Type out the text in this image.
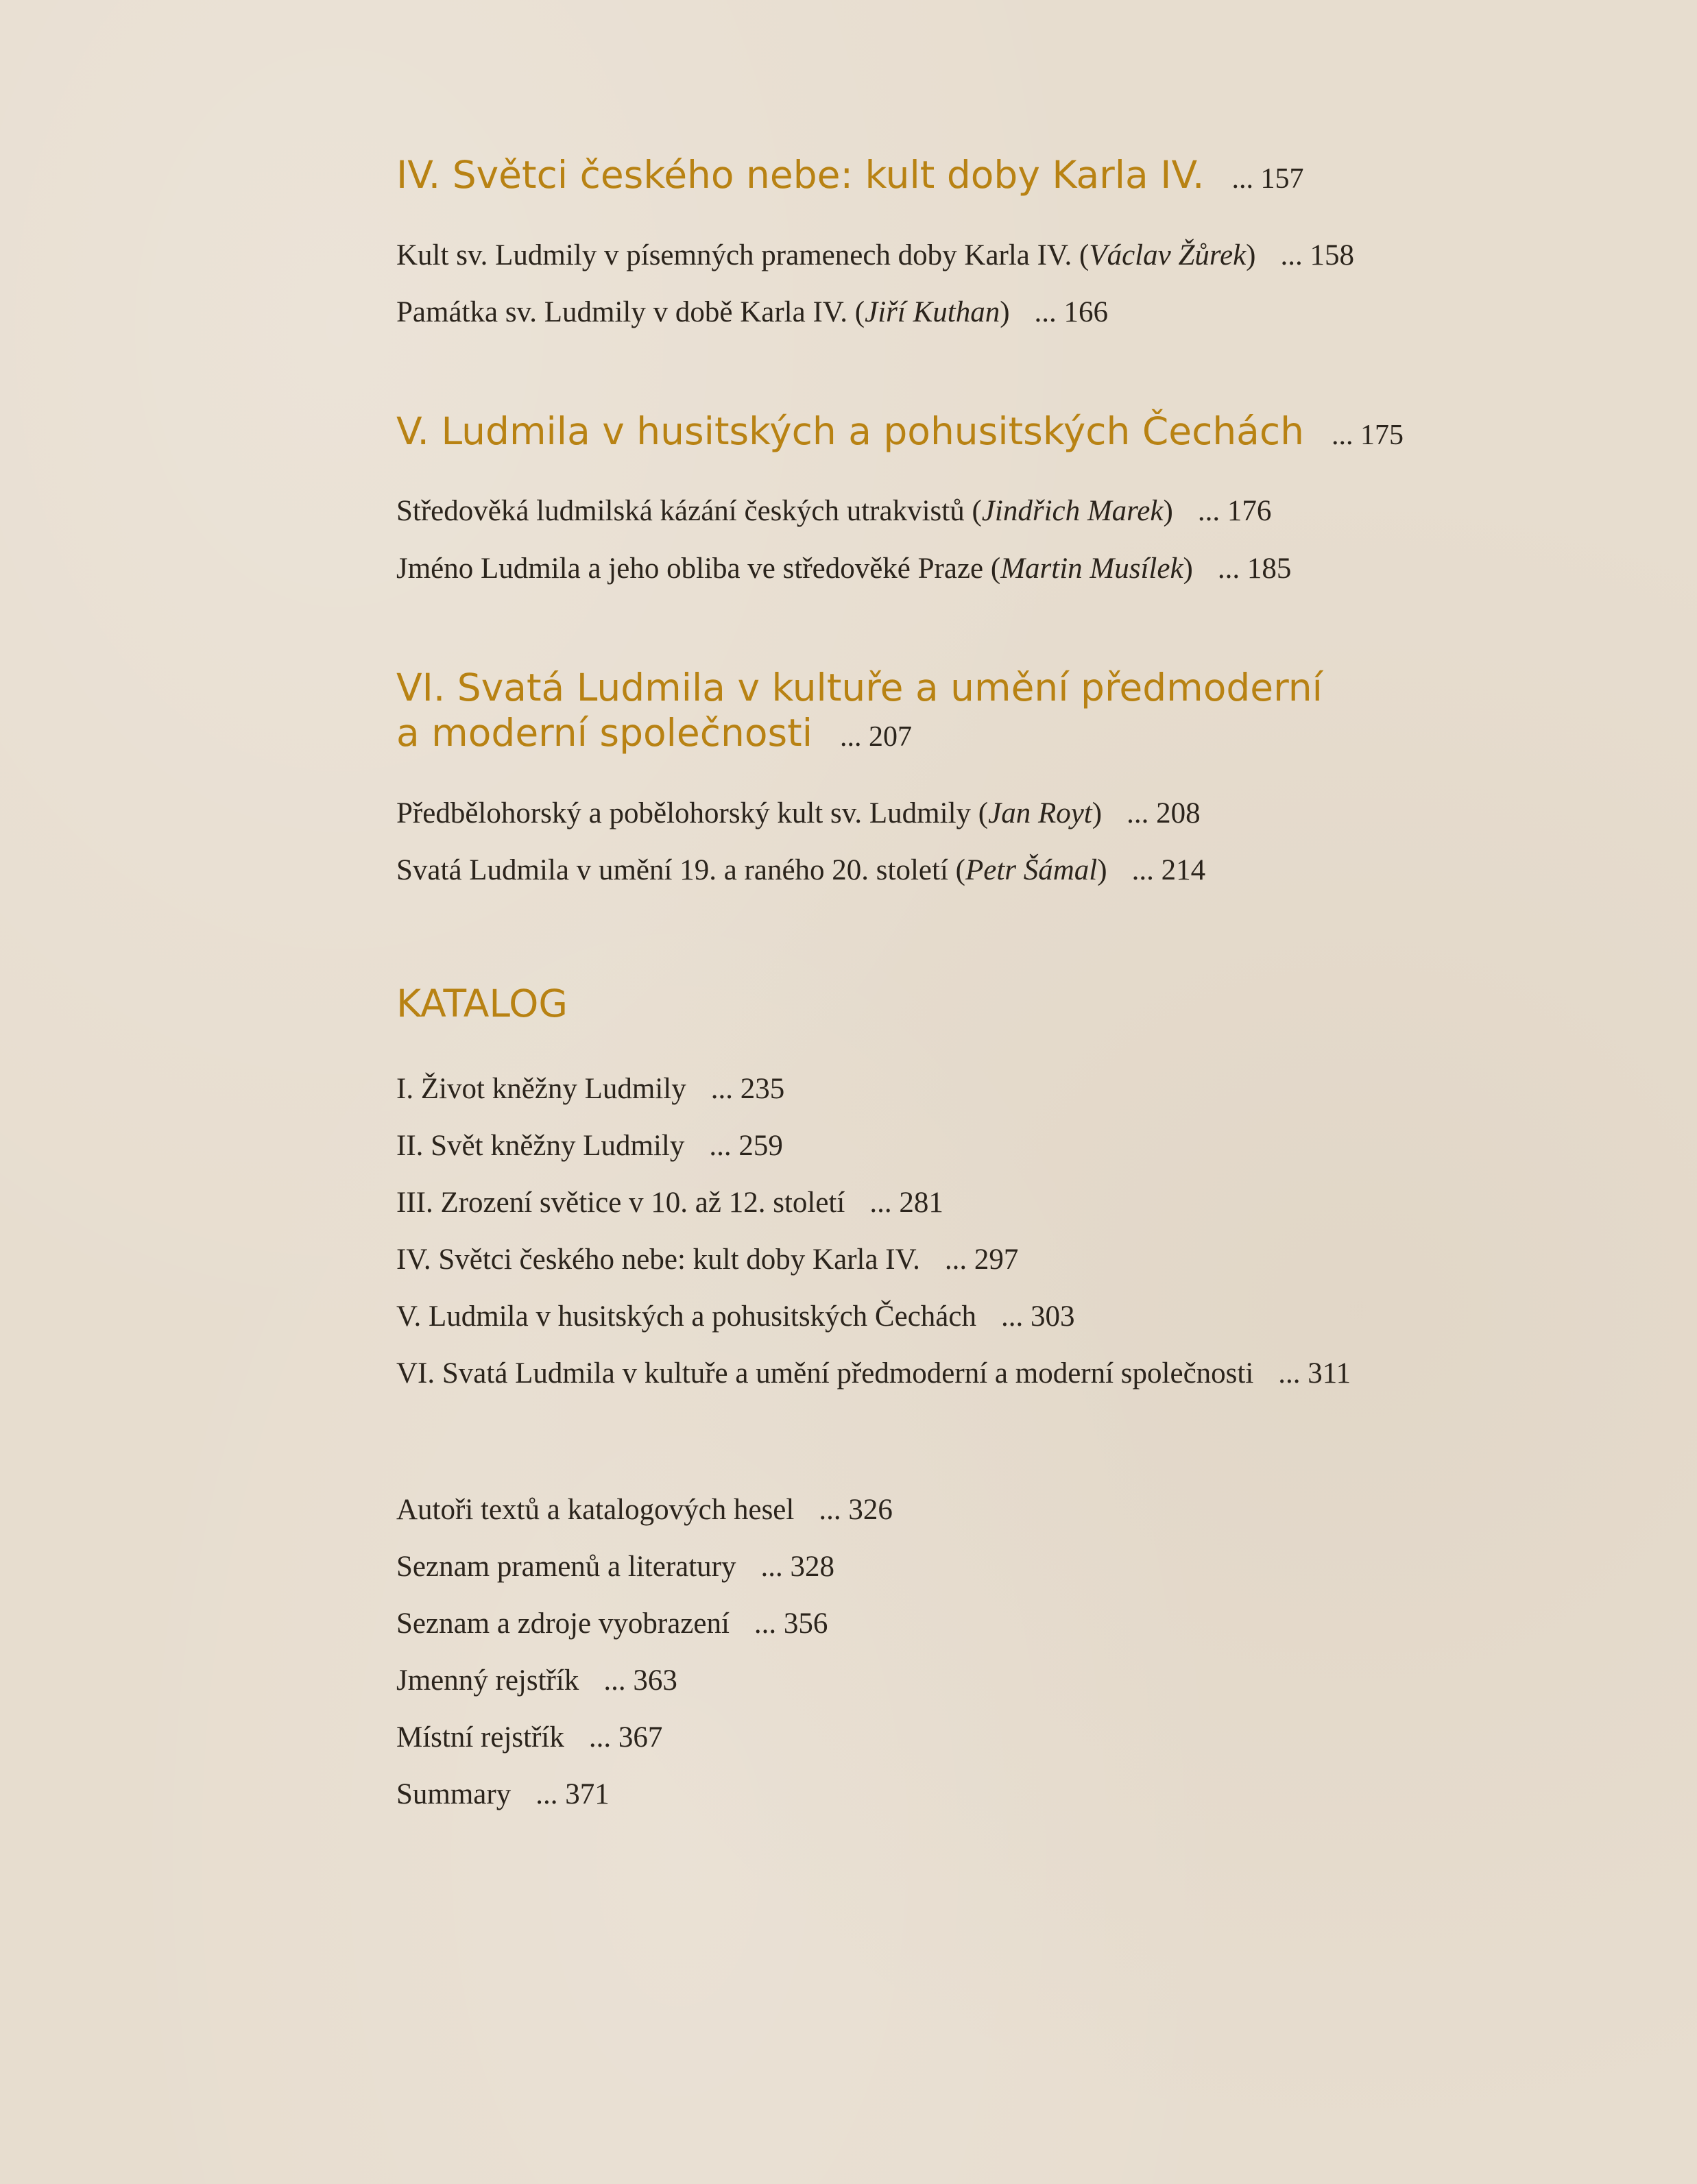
IV. Světci českého nebe: kult doby Karla IV. ... 157

Kult sv. Ludmily v písemných pramenech doby Karla IV. (Václav Žůrek) ... 158

Památka sv. Ludmily v době Karla IV. (Jiří Kuthan) ... 166

V. Ludmila v husitských a pohusitských Čechách ... 175

Středověká ludmilská kázání českých utrakvistů (Jindřich Marek) ... 176

Jméno Ludmila a jeho obliba ve středověké Praze (Martin Musílek) ... 185

VI. Svatá Ludmila v kultuře a umění předmoderní
a moderní společnosti ... 207

Předbělohorský a pobělohorský kult sv. Ludmily (Jan Royt) ... 208

Svatá Ludmila v umění 19. a raného 20. století (Petr Šámal) ... 214

KATALOG

I. Život kněžny Ludmily ... 235

II. Svět kněžny Ludmily ... 259

III. Zrození světice v 10. až 12. století ... 281

IV. Světci českého nebe: kult doby Karla IV. ... 297

V. Ludmila v husitských a pohusitských Čechách ... 303

VI. Svatá Ludmila v kultuře a umění předmoderní a moderní společnosti ... 311

Autoři textů a katalogových hesel ... 326

Seznam pramenů a literatury ... 328

Seznam a zdroje vyobrazení ... 356

Jmenný rejstřík ... 363

Místní rejstřík ... 367

Summary ... 371
